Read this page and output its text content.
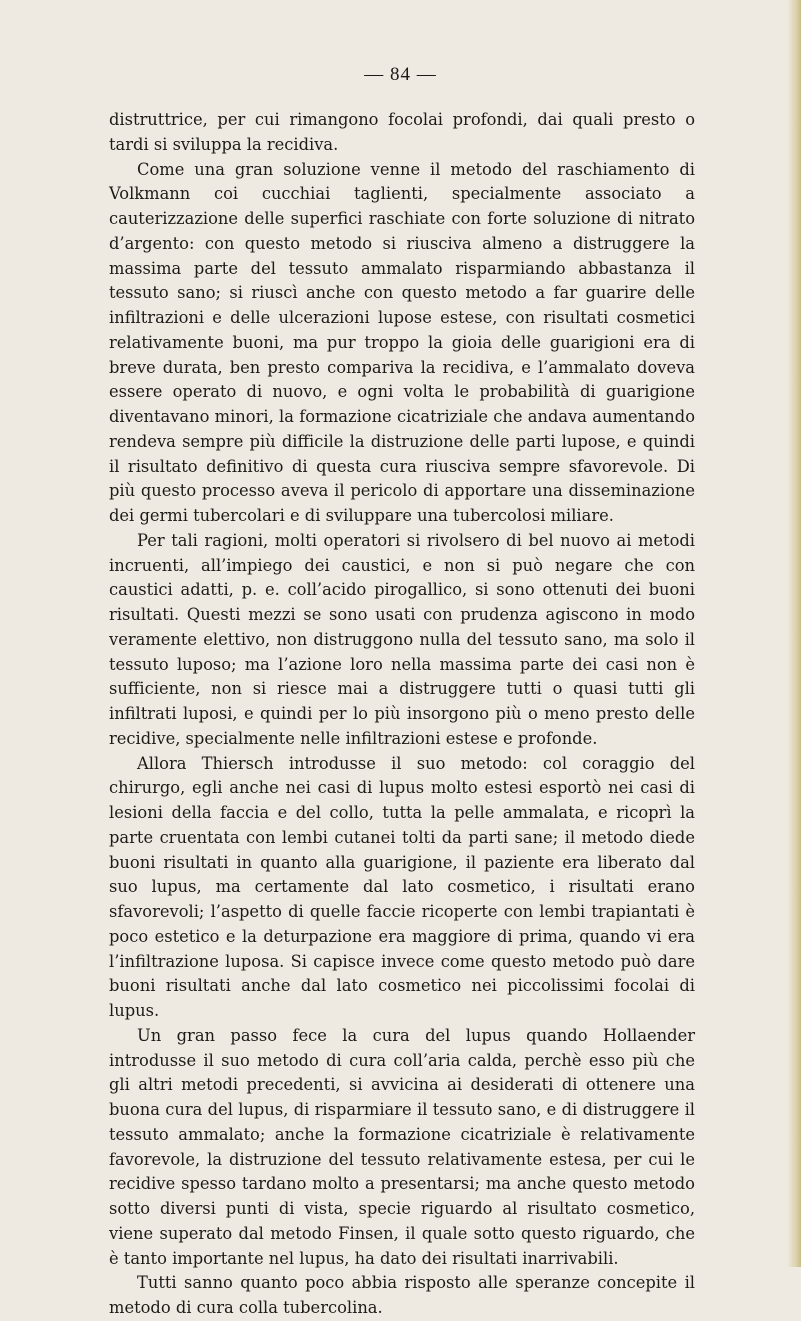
— 84 —

distruttrice, per cui rimangono focolai profondi, dai quali presto o tardi si sviluppa la recidiva.

Come una gran soluzione venne il metodo del raschiamento di Volkmann coi cucchiai taglienti, specialmente associato a cauterizzazione delle superfici raschiate con forte soluzione di nitrato d’argento: con questo metodo si riusciva almeno a distruggere la massima parte del tessuto ammalato risparmiando abbastanza il tessuto sano; si riuscì anche con questo metodo a far guarire delle infiltrazioni e delle ulcerazioni lupose estese, con risultati cosmetici relativamente buoni, ma pur troppo la gioia delle guarigioni era di breve durata, ben presto compariva la recidiva, e l’ammalato doveva essere operato di nuovo, e ogni volta le probabilità di guarigione diventavano minori, la formazione cicatriziale che andava aumentando rendeva sempre più difficile la distruzione delle parti lupose, e quindi il risultato definitivo di questa cura riusciva sempre sfavorevole. Di più questo processo aveva il pericolo di apportare una disseminazione dei germi tubercolari e di sviluppare una tubercolosi miliare.

Per tali ragioni, molti operatori si rivolsero di bel nuovo ai metodi incruenti, all’impiego dei caustici, e non si può negare che con caustici adatti, p. e. coll’acido pirogallico, si sono ottenuti dei buoni risultati. Questi mezzi se sono usati con prudenza agiscono in modo veramente elettivo, non distruggono nulla del tessuto sano, ma solo il tessuto luposo; ma l’azione loro nella massima parte dei casi non è sufficiente, non si riesce mai a distruggere tutti o quasi tutti gli infiltrati luposi, e quindi per lo più insorgono più o meno presto delle recidive, specialmente nelle infiltrazioni estese e profonde.

Allora Thiersch introdusse il suo metodo: col coraggio del chirurgo, egli anche nei casi di lupus molto estesi esportò nei casi di lesioni della faccia e del collo, tutta la pelle ammalata, e ricoprì la parte cruentata con lembi cutanei tolti da parti sane; il metodo diede buoni risultati in quanto alla guarigione, il paziente era liberato dal suo lupus, ma certamente dal lato cosmetico, i risultati erano sfavorevoli; l’aspetto di quelle faccie ricoperte con lembi trapiantati è poco estetico e la deturpazione era maggiore di prima, quando vi era l’infiltrazione luposa. Si capisce invece come questo metodo può dare buoni risultati anche dal lato cosmetico nei piccolissimi focolai di lupus.

Un gran passo fece la cura del lupus quando Hollaender introdusse il suo metodo di cura coll’aria calda, perchè esso più che gli altri metodi precedenti, si avvicina ai desiderati di ottenere una buona cura del lupus, di risparmiare il tessuto sano, e di distruggere il tessuto ammalato; anche la formazione cicatriziale è relativamente favorevole, la distruzione del tessuto relativamente estesa, per cui le recidive spesso tardano molto a presentarsi; ma anche questo metodo sotto diversi punti di vista, specie riguardo al risultato cosmetico, viene superato dal metodo Finsen, il quale sotto questo riguardo, che è tanto importante nel lupus, ha dato dei risultati inarrivabili.

Tutti sanno quanto poco abbia risposto alle speranze concepite il metodo di cura colla tubercolina.
